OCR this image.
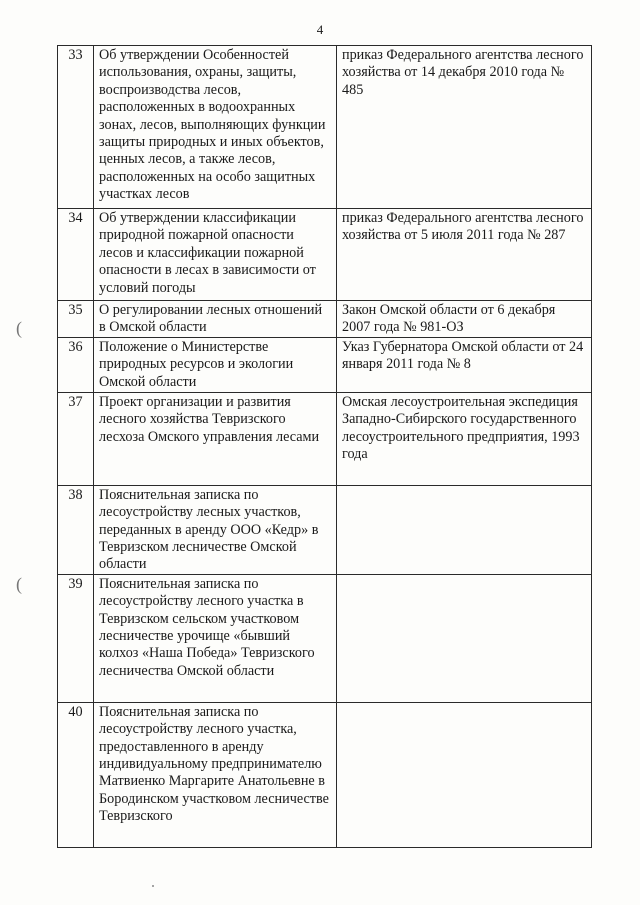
4
(
(
33	Об утверждении Особенностей использования, охраны, защиты, воспроизводства лесов, расположенных в водоохранных зонах, лесов, выполняющих функции защиты природных и иных объектов, ценных лесов, а также лесов, расположенных на особо защитных участках лесов	приказ Федерального агентства лесного хозяйства от 14 декабря 2010 года № 485
34	Об утверждении классификации природной пожарной опасности лесов и классификации пожарной опасности в лесах в зависимости от условий погоды	приказ Федерального агентства лесного хозяйства от 5 июля 2011 года № 287
35	О регулировании лесных отношений в Омской области	Закон Омской области от 6 декабря 2007 года № 981-ОЗ
36	Положение о Министерстве природных ресурсов и экологии Омской области	Указ Губернатора Омской области от 24 января 2011 года № 8
37	Проект организации и развития лесного хозяйства Тевризского лесхоза Омского управления лесами	Омская лесоустроительная экспедиция Западно-Сибирского государственного лесоустроительного предприятия, 1993 года
38	Пояснительная записка по лесоустройству лесных участков, переданных в аренду ООО «Кедр» в Тевризском лесничестве Омской области	
39	Пояснительная записка по лесоустройству лесного участка в Тевризском сельском участковом лесничестве урочище «бывший колхоз «Наша Победа» Тевризского лесничества Омской области	
40	Пояснительная записка по лесоустройству лесного участка, предоставленного в аренду индивидуальному предпринимателю Матвиенко Маргарите Анатольевне в Бородинском участковом лесничестве Тевризского	
